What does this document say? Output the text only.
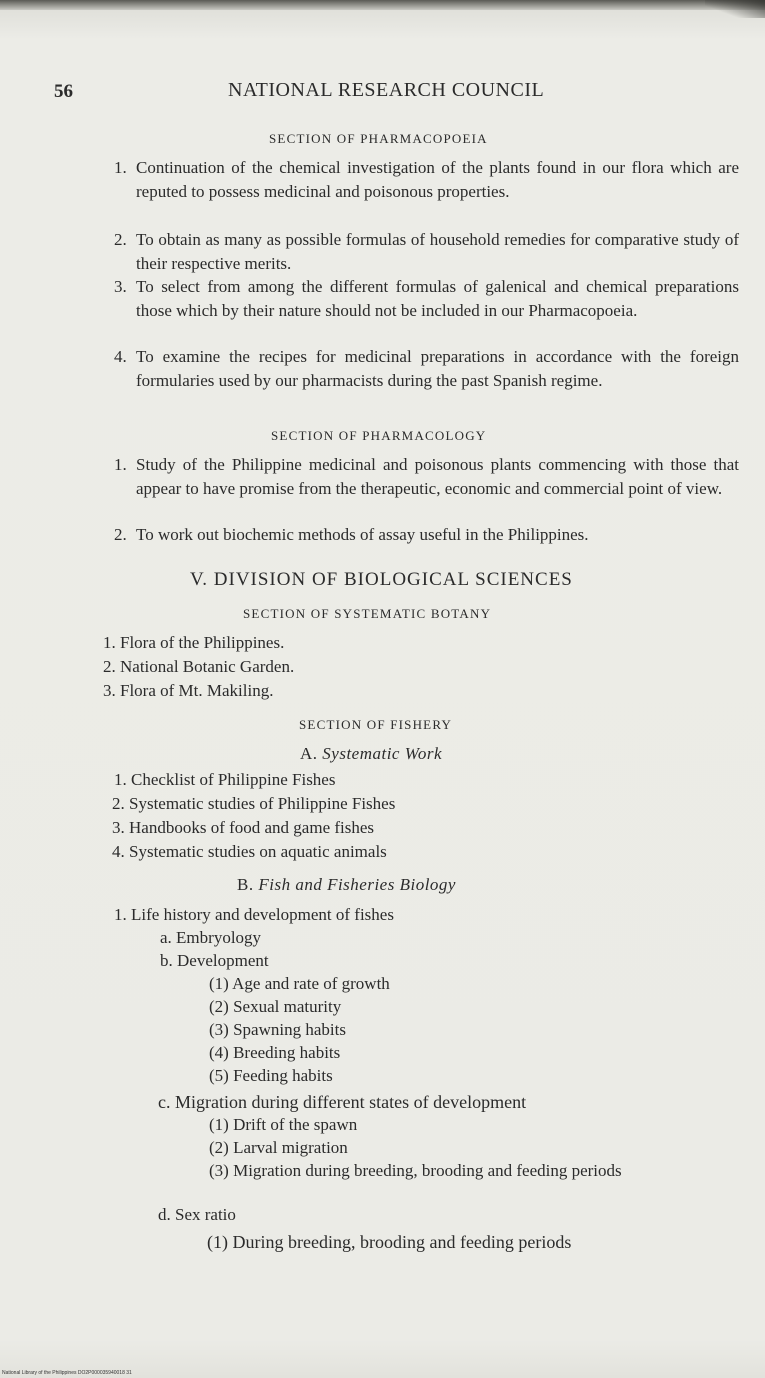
56	NATIONAL RESEARCH COUNCIL
SECTION OF PHARMACOPOEIA
1. Continuation of the chemical investigation of the plants found in our flora which are reputed to possess medicinal and poisonous properties.
2. To obtain as many as possible formulas of household remedies for comparative study of their respective merits.
3. To select from among the different formulas of galenical and chemical preparations those which by their nature should not be included in our Pharmacopoeia.
4. To examine the recipes for medicinal preparations in accordance with the foreign formularies used by our pharmacists during the past Spanish regime.
SECTION OF PHARMACOLOGY
1. Study of the Philippine medicinal and poisonous plants commencing with those that appear to have promise from the therapeutic, economic and commercial point of view.
2. To work out biochemic methods of assay useful in the Philippines.
V. DIVISION OF BIOLOGICAL SCIENCES
SECTION OF SYSTEMATIC BOTANY
1. Flora of the Philippines.
2. National Botanic Garden.
3. Flora of Mt. Makiling.
SECTION OF FISHERY
A. Systematic Work
1. Checklist of Philippine Fishes
2. Systematic studies of Philippine Fishes
3. Handbooks of food and game fishes
4. Systematic studies on aquatic animals
B. Fish and Fisheries Biology
1. Life history and development of fishes
a. Embryology
b. Development
(1) Age and rate of growth
(2) Sexual maturity
(3) Spawning habits
(4) Breeding habits
(5) Feeding habits
c. Migration during different states of development
(1) Drift of the spawn
(2) Larval migration
(3) Migration during breeding, brooding and feeding periods
d. Sex ratio
(1) During breeding, brooding and feeding periods
National Library of the Philippines DO2P000035940018 31
